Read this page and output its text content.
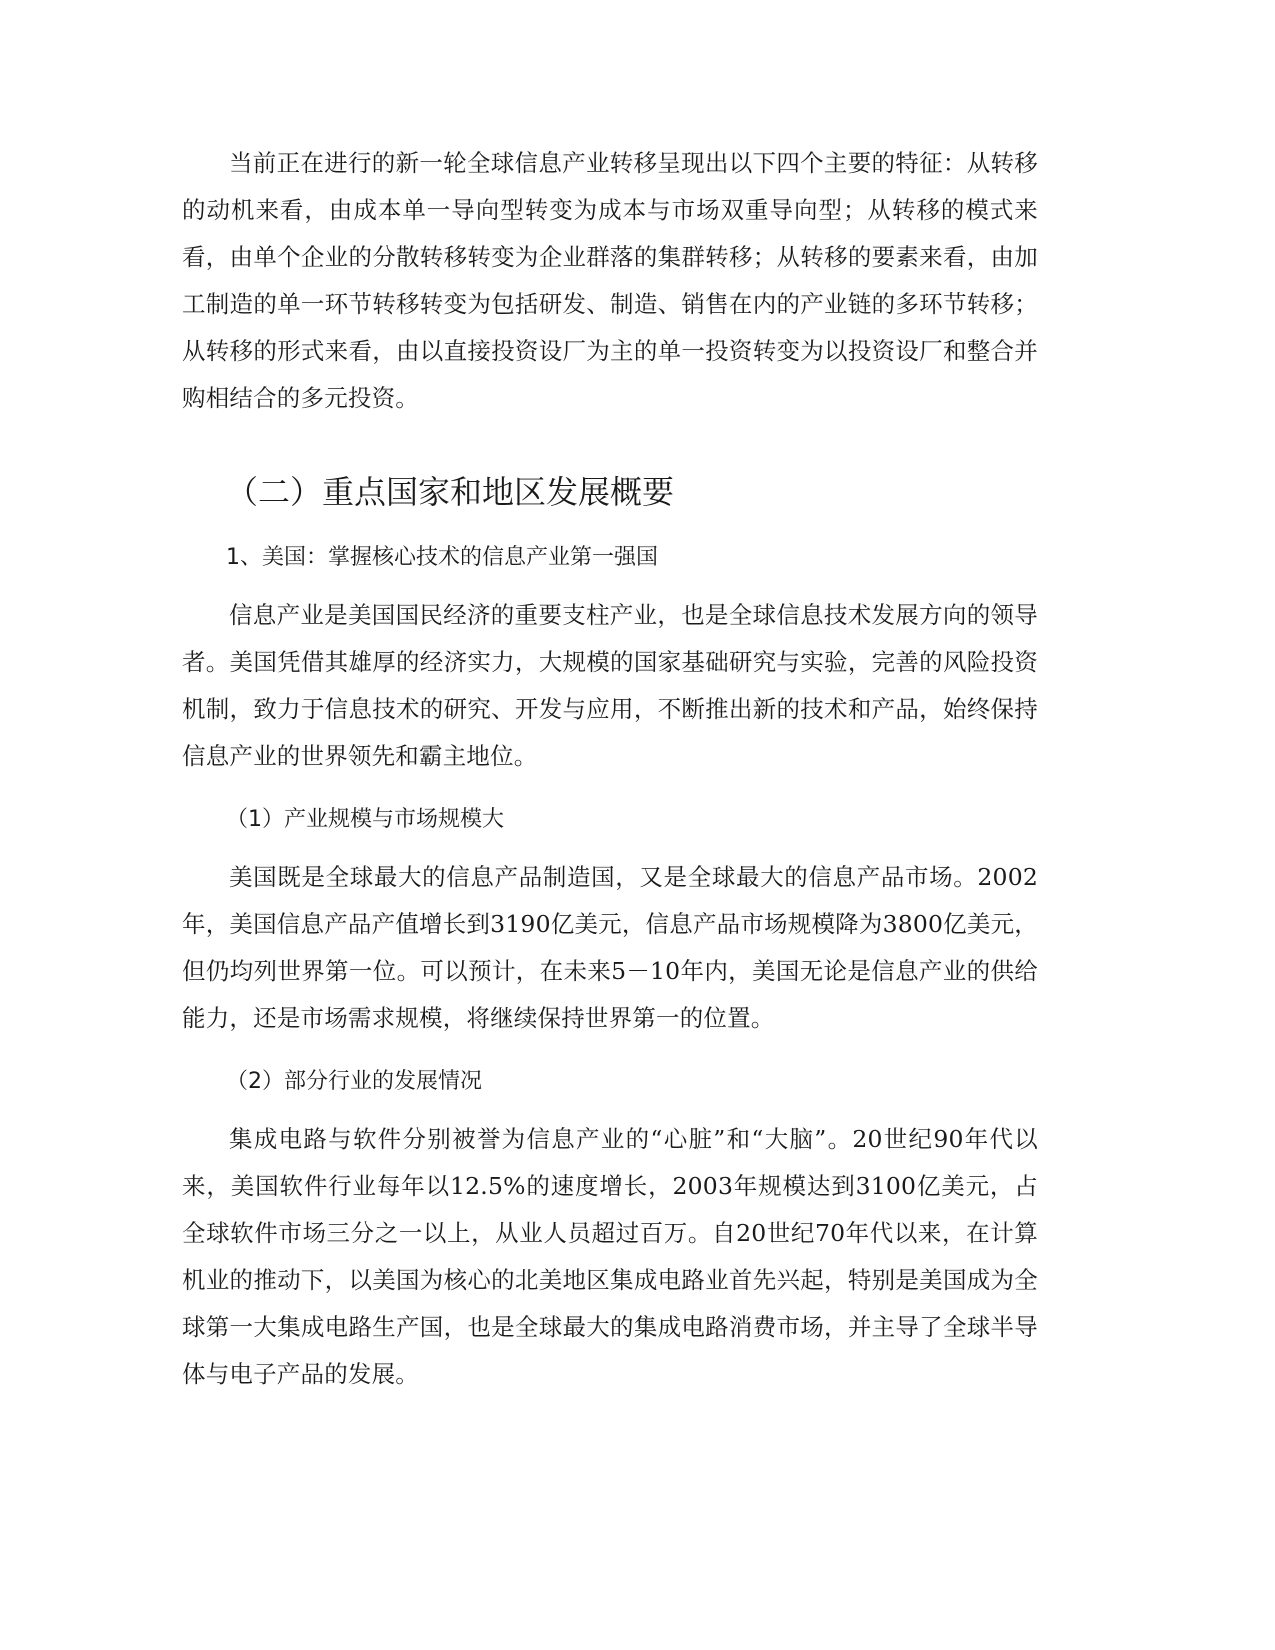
当前正在进行的新一轮全球信息产业转移呈现出以下四个主要的特征：从转移的动机来看，由成本单一导向型转变为成本与市场双重导向型；从转移的模式来看，由单个企业的分散转移转变为企业群落的集群转移；从转移的要素来看，由加工制造的单一环节转移转变为包括研发、制造、销售在内的产业链的多环节转移；从转移的形式来看，由以直接投资设厂为主的单一投资转变为以投资设厂和整合并购相结合的多元投资。

（二）重点国家和地区发展概要
1、美国：掌握核心技术的信息产业第一强国

信息产业是美国国民经济的重要支柱产业，也是全球信息技术发展方向的领导者。美国凭借其雄厚的经济实力，大规模的国家基础研究与实验，完善的风险投资机制，致力于信息技术的研究、开发与应用，不断推出新的技术和产品，始终保持信息产业的世界领先和霸主地位。

（1）产业规模与市场规模大

美国既是全球最大的信息产品制造国，又是全球最大的信息产品市场。2002年，美国信息产品产值增长到3190亿美元，信息产品市场规模降为3800亿美元，但仍均列世界第一位。可以预计，在未来5－10年内，美国无论是信息产业的供给能力，还是市场需求规模，将继续保持世界第一的位置。

（2）部分行业的发展情况

集成电路与软件分别被誉为信息产业的“心脏”和“大脑”。20世纪90年代以来，美国软件行业每年以12.5%的速度增长，2003年规模达到3100亿美元，占全球软件市场三分之一以上，从业人员超过百万。自20世纪70年代以来，在计算机业的推动下，以美国为核心的北美地区集成电路业首先兴起，特别是美国成为全球第一大集成电路生产国，也是全球最大的集成电路消费市场，并主导了全球半导体与电子产品的发展。
